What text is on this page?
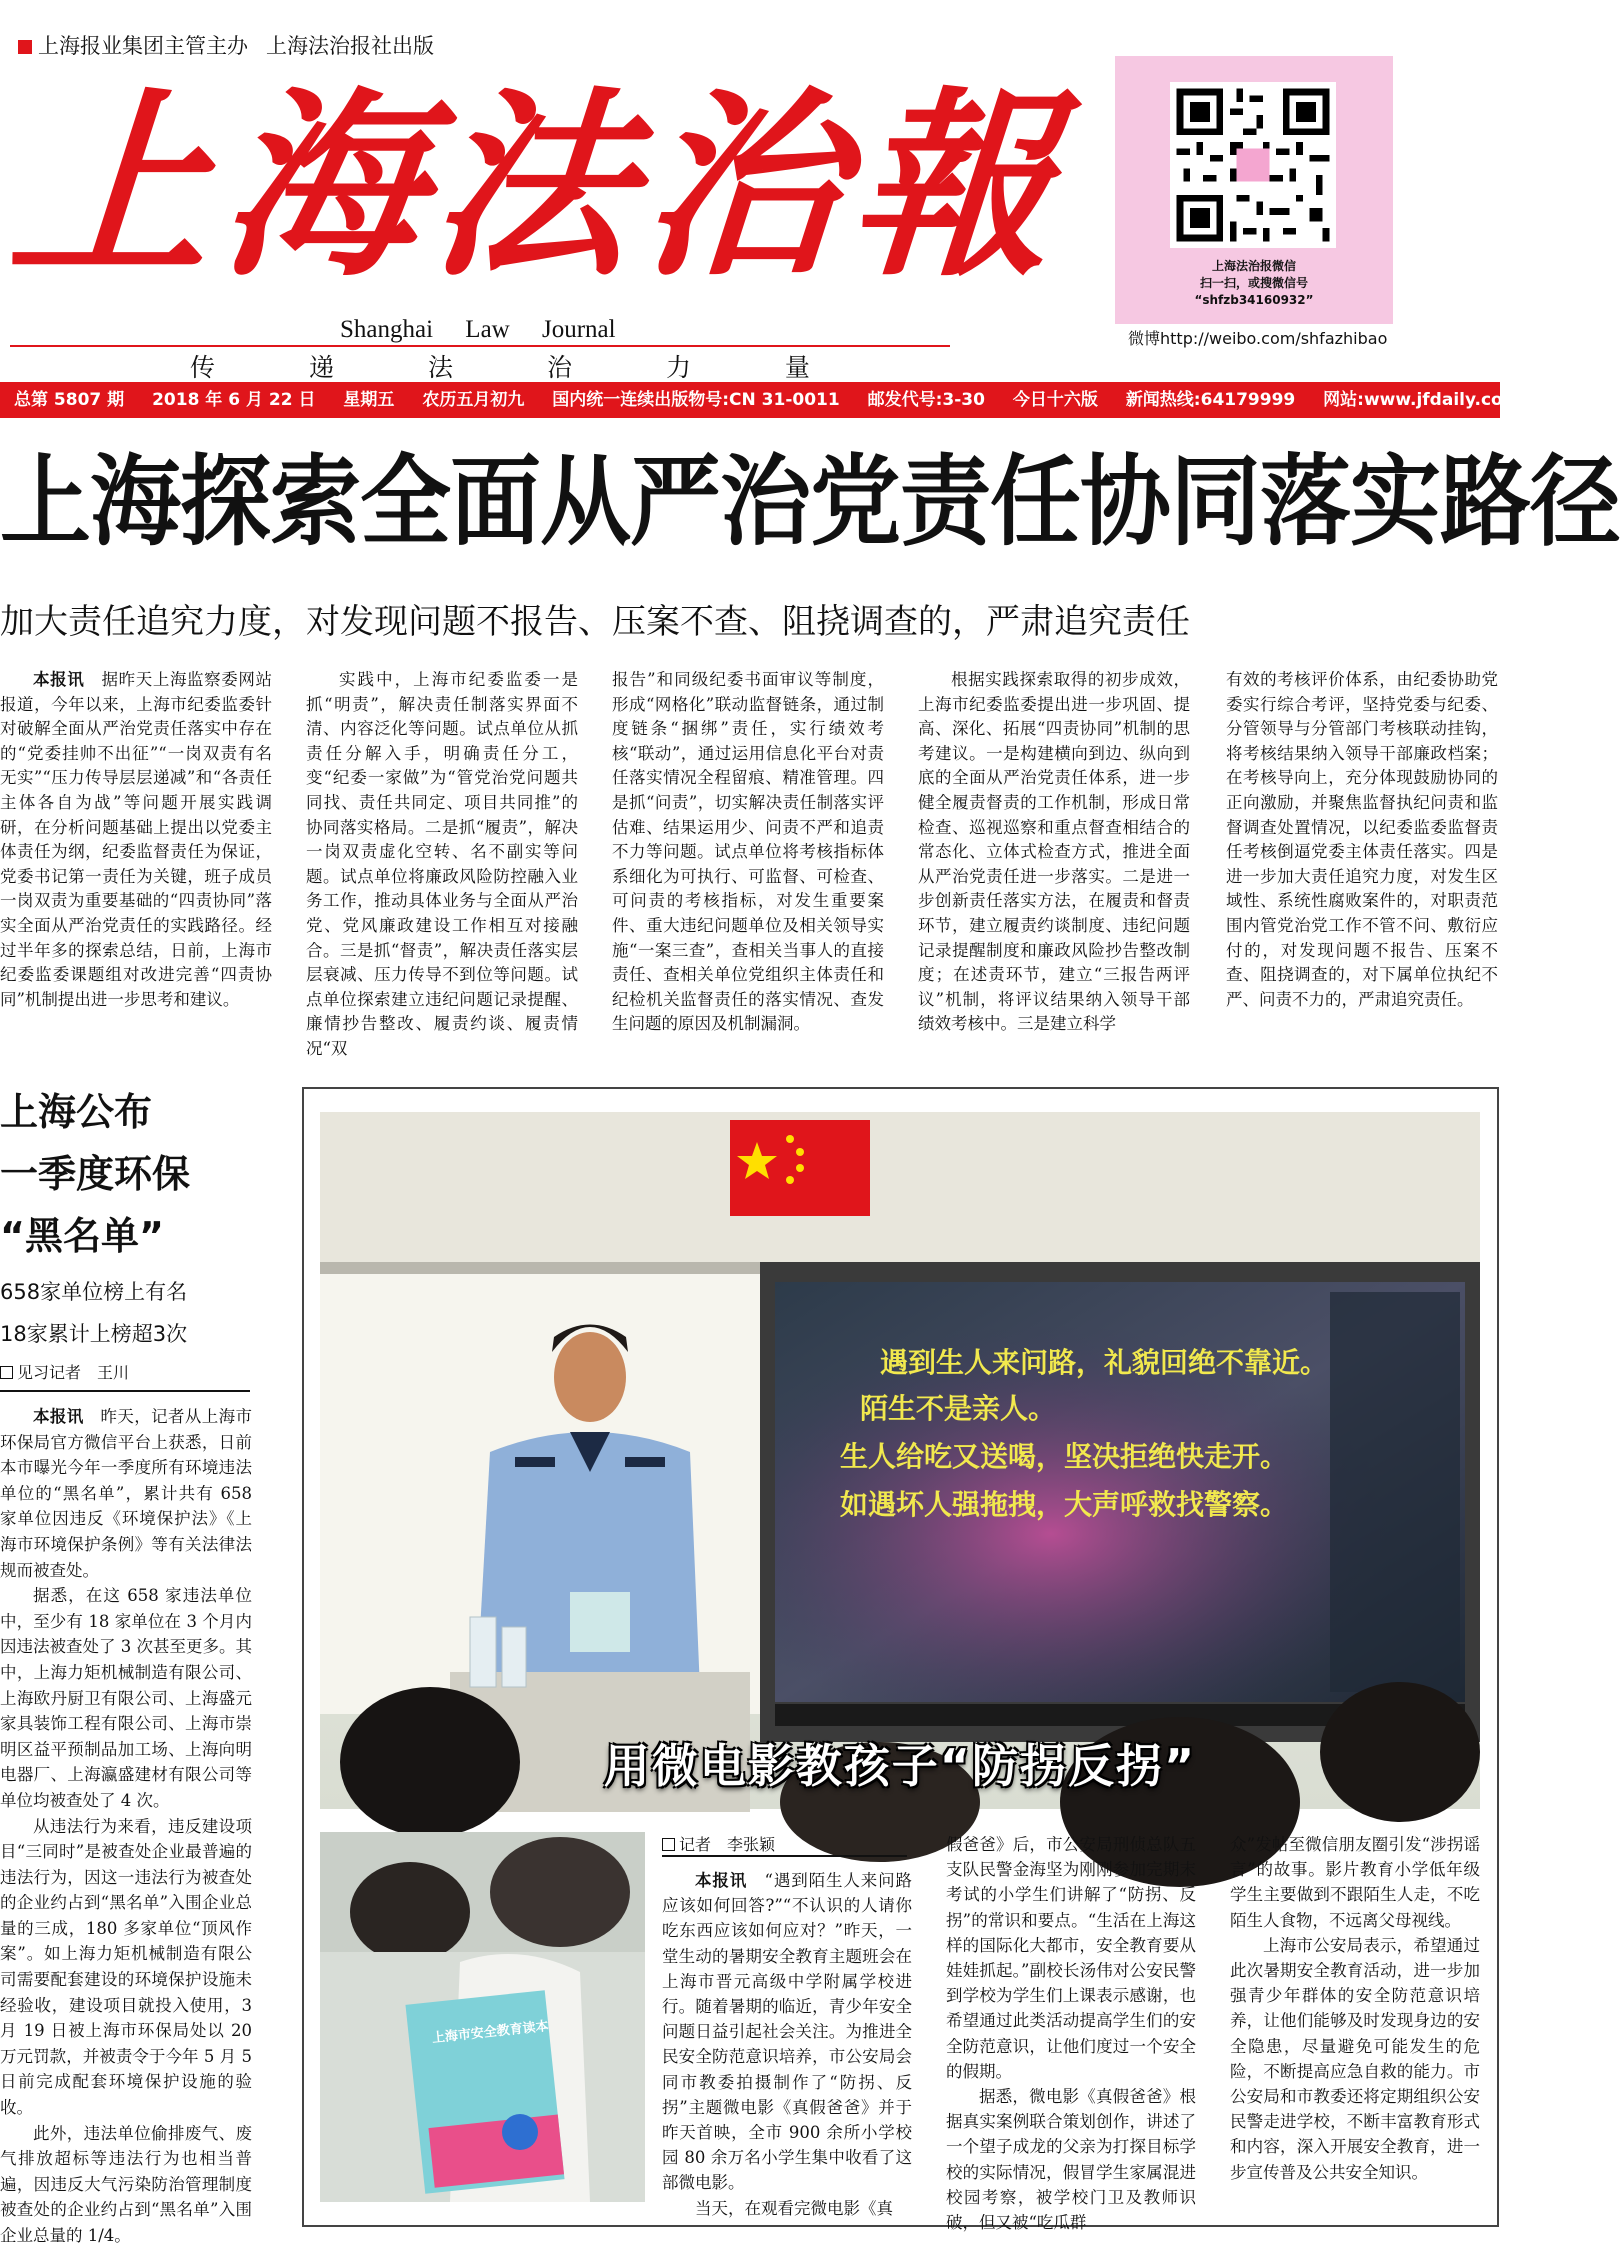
上海报业集团主管主办 上海法治报社出版
上海法治報
Shanghai Law Journal
传	递	法	治	力	量
上海法治报微信
扫一扫，或搜微信号
“shfzb34160932”
微博http://weibo.com/shfazhibao
总第 5807 期 2018 年 6 月 22 日 星期五 农历五月初九 国内统一连续出版物号:CN 31-0011 邮发代号:3-30 今日十六版 新闻热线:64179999 网站:www.jfdaily.com
上海探索全面从严治党责任协同落实路径
加大责任追究力度，对发现问题不报告、压案不查、阻挠调查的，严肃追究责任
本报讯　 据昨天上海监察委网站报道，今年以来，上海市纪委监委针对破解全面从严治党责任落实中存在的“党委挂帅不出征”“一岗双责有名无实”“压力传导层层递减”和“各责任主体各自为战”等问题开展实践调研，在分析问题基础上提出以党委主体责任为纲，纪委监督责任为保证，党委书记第一责任为关键，班子成员一岗双责为重要基础的“四责协同”落实全面从严治党责任的实践路径。经过半年多的探索总结，日前，上海市纪委监委课题组对改进完善“四责协同”机制提出进一步思考和建议。
实践中，上海市纪委监委一是抓“明责”，解决责任制落实界面不清、内容泛化等问题。试点单位从抓责任分解入手，明确责任分工，变“纪委一家做”为“管党治党问题共同找、责任共同定、项目共同推”的协同落实格局。二是抓“履责”，解决一岗双责虚化空转、名不副实等问题。试点单位将廉政风险防控融入业务工作，推动具体业务与全面从严治党、党风廉政建设工作相互对接融合。三是抓“督责”，解决责任落实层层衰减、压力传导不到位等问题。试点单位探索建立违纪问题记录提醒、廉情抄告整改、履责约谈、履责情况“双
报告”和同级纪委书面审议等制度，形成“网格化”联动监督链条，通过制度链条“捆绑”责任，实行绩效考核“联动”，通过运用信息化平台对责任落实情况全程留痕、精准管理。四是抓“问责”，切实解决责任制落实评估难、结果运用少、问责不严和追责不力等问题。试点单位将考核指标体系细化为可执行、可监督、可检查、可问责的考核指标，对发生重要案件、重大违纪问题单位及相关领导实施“一案三查”，查相关当事人的直接责任、查相关单位党组织主体责任和纪检机关监督责任的落实情况、查发生问题的原因及机制漏洞。
根据实践探索取得的初步成效，上海市纪委监委提出进一步巩固、提高、深化、拓展“四责协同”机制的思考建议。一是构建横向到边、纵向到底的全面从严治党责任体系，进一步健全履责督责的工作机制，形成日常检查、巡视巡察和重点督查相结合的常态化、立体式检查方式，推进全面从严治党责任进一步落实。二是进一步创新责任落实方法，在履责和督责环节，建立履责约谈制度、违纪问题记录提醒制度和廉政风险抄告整改制度；在述责环节，建立“三报告两评议”机制，将评议结果纳入领导干部绩效考核中。三是建立科学
有效的考核评价体系，由纪委协助党委实行综合考评，坚持党委与纪委、分管领导与分管部门考核联动挂钩，将考核结果纳入领导干部廉政档案；在考核导向上，充分体现鼓励协同的正向激励，并聚焦监督执纪问责和监督调查处置情况，以纪委监委监督责任考核倒逼党委主体责任落实。四是进一步加大责任追究力度，对发生区域性、系统性腐败案件的，对职责范围内管党治党工作不管不问、敷衍应付的，对发现问题不报告、压案不查、阻挠调查的，对下属单位执纪不严、问责不力的，严肃追究责任。
上海公布
一季度环保
“黑名单”
658家单位榜上有名
18家累计上榜超3次
见习记者　王川

本报讯　 昨天，记者从上海市环保局官方微信平台上获悉，日前本市曝光今年一季度所有环境违法单位的“黑名单”，累计共有 658 家单位因违反《环境保护法》《上海市环境保护条例》等有关法律法规而被查处。

据悉，在这 658 家违法单位中，至少有 18 家单位在 3 个月内因违法被查处了 3 次甚至更多。其中，上海力矩机械制造有限公司、上海欧丹厨卫有限公司、上海盛元家具装饰工程有限公司、上海市崇明区益平预制品加工场、上海向明电器厂、上海瀛盛建材有限公司等单位均被查处了 4 次。

从违法行为来看，违反建设项目“三同时”是被查处企业最普遍的违法行为，因这一违法行为被查处的企业约占到“黑名单”入围企业总量的三成，180 多家单位“顶风作案”。如上海力矩机械制造有限公司需要配套建设的环境保护设施未经验收，建设项目就投入使用，3 月 19 日被上海市环保局处以 20 万元罚款，并被责令于今年 5 月 5 日前完成配套环境保护设施的验收。

此外，违法单位偷排废气、废气排放超标等违法行为也相当普遍，因违反大气污染防治管理制度被查处的企业约占到“黑名单”入围企业总量的 1/4。

遇到生人来问路，礼貌回绝不靠近。
陌生不是亲人。
生人给吃又送喝，坚决拒绝快走开。
如遇坏人强拖拽，大声呼救找警察。
用微电影教孩子“防拐反拐”
上海市安全教育读本
记者　李张颖
本报讯　 “遇到陌生人来问路应该如何回答?”“不认识的人请你吃东西应该如何应对？”昨天，一堂生动的暑期安全教育主题班会在上海市晋元高级中学附属学校进行。随着暑期的临近，青少年安全问题日益引起社会关注。为推进全民安全防范意识培养，市公安局会同市教委拍摄制作了“防拐、反拐”主题微电影《真假爸爸》并于昨天首映，全市 900 余所小学校园 80 余万名小学生集中收看了这部微电影。
当天，在观看完微电影《真
假爸爸》后，市公安局刑侦总队五支队民警金海坚为刚刚参加完期末考试的小学生们讲解了“防拐、反拐”的常识和要点。“生活在上海这样的国际化大都市，安全教育要从娃娃抓起。”副校长汤伟对公安民警到学校为学生们上课表示感谢，也希望通过此类活动提高学生们的安全防范意识，让他们度过一个安全的假期。
据悉，微电影《真假爸爸》根据真实案例联合策划创作，讲述了一个望子成龙的父亲为打探目标学校的实际情况，假冒学生家属混进校园考察，被学校门卫及教师识破，但又被“吃瓜群
众”发帖至微信朋友圈引发“涉拐谣言”的故事。影片教育小学低年级学生主要做到不跟陌生人走，不吃陌生人食物，不远离父母视线。
上海市公安局表示，希望通过此次暑期安全教育活动，进一步加强青少年群体的安全防范意识培养，让他们能够及时发现身边的安全隐患，尽量避免可能发生的危险，不断提高应急自救的能力。市公安局和市教委还将定期组织公安民警走进学校，不断丰富教育形式和内容，深入开展安全教育，进一步宣传普及公共安全知识。
